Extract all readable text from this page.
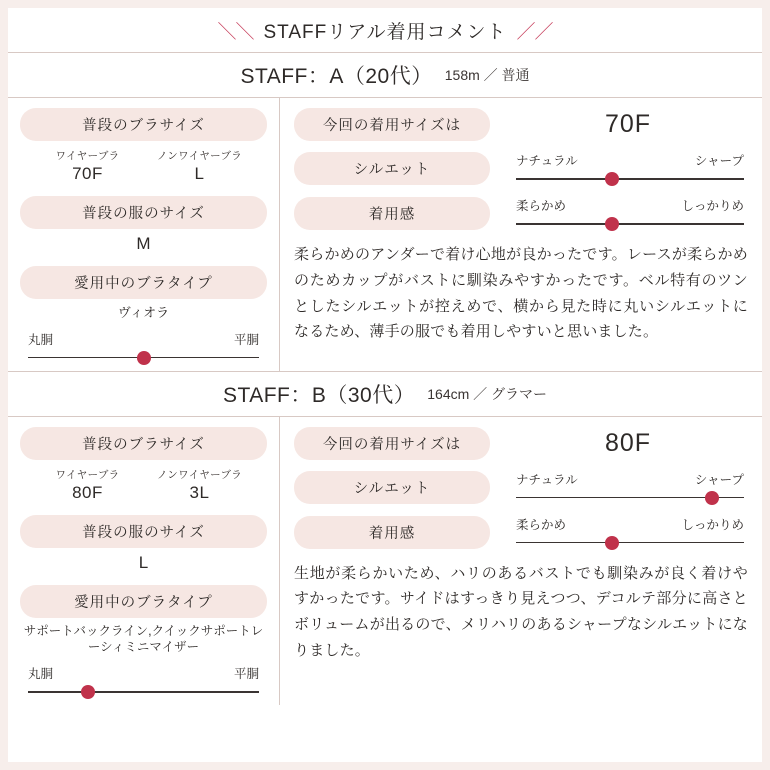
＼＼ STAFFリアル着用コメント ／／
STAFF：A（20代） 158m ／ 普通
普段のブラサイズ
ワイヤーブラ
70F
ノンワイヤーブラ
L
普段の服のサイズ
M
愛用中のブラタイプ
ヴィオラ
丸胴	平胴
今回の着用サイズは	70F
シルエット
ナチュラル	シャープ
着用感
柔らかめ	しっかりめ
柔らかめのアンダーで着け心地が良かったです。レースが柔らかめのためカップがバストに馴染みやすかったです。ベル特有のツンとしたシルエットが控えめで、横から見た時に丸いシルエットになるため、薄手の服でも着用しやすいと思いました。
STAFF：B（30代） 164cm ／ グラマー
普段のブラサイズ
ワイヤーブラ
80F
ノンワイヤーブラ
3L
普段の服のサイズ
L
愛用中のブラタイプ
サポートバックライン,クイックサポートレーシィミニマイザー
丸胴	平胴
今回の着用サイズは	80F
シルエット
ナチュラル	シャープ
着用感
柔らかめ	しっかりめ
生地が柔らかいため、ハリのあるバストでも馴染みが良く着けやすかったです。サイドはすっきり見えつつ、デコルテ部分に高さとボリュームが出るので、メリハリのあるシャープなシルエットになりました。
